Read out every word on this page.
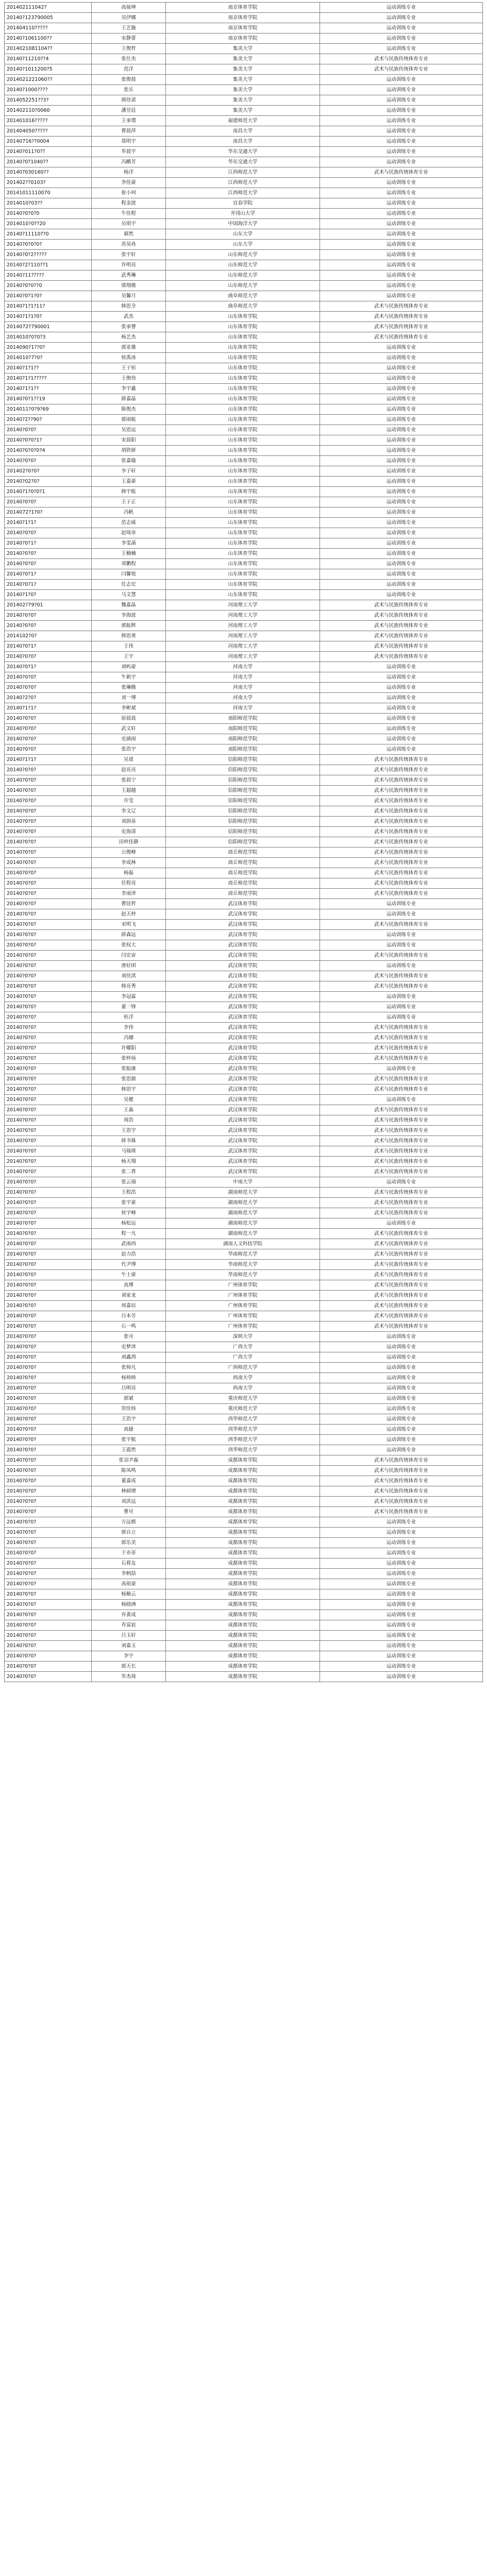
201402111042?	高展坤	南京体育学院	运动训练专业
20140?123790005	吴伊娜	南京体育学院	运动训练专业
201404110?????	王艺璇	南京体育学院	运动训练专业
20140?1061100??	宋静蕾	南京体育学院	运动训练专业
2014021081104??	王俊哲	集美大学	运动训练专业
20140?11210??4	张仕杰	集美大学	武术与民族传统体育专业
20140?1011200?5	范洋	集美大学	武术与民族传统体育专业
2014021221060??	张俊晨	集美大学	运动训练专业
20140?1000????	张乐	集美大学	运动训练专业
2014052251??3?	郭佳诺	集美大学	运动训练专业
201402110?0060	潘昱廷	集美大学	运动训练专业
201401016?????	王承璞	福建师范大学	运动训练专业
201404050?????	曹晨萍	南昌大学	运动训练专业
20140716??0004	郑明宇	南昌大学	运动训练专业
20140?011?0??	毕晨宇	华东交通大学	运动训练专业
20140?0?1040??	冯麒芳	华东交通大学	运动训练专业
20140?030160??	杨洋	江西师范大学	武术与民族传统体育专业
201402??0103?	李佳豪	江西师范大学	运动训练专业
20141011110070	崔小珂	江西师范大学	运动训练专业
2014010?03??	程金波	宜春学院	运动训练专业
20140?0?0?0	牛佳程	井冈山大学	运动训练专业
2014010?0??20	吴琪宇	中国海洋大学	运动训练专业
20140?11110??0	郝然	山东大学	运动训练专业
20140?0?0?0?	苏昊冉	山东大学	运动训练专业
20140?0?2?????	张宇轩	山东师范大学	运动训练专业
20140?2?110??1	许明亮	山东师范大学	运动训练专业
20140?11?????	武秀琳	山东师范大学	运动训练专业
20140?0?0??0	梁翔骏	山东师范大学	运动训练专业
20140?0?1?0?	吴馨月	曲阜师范大学	运动训练专业
20140?1?1?11?	韩思全	曲阜师范大学	武术与民族传统体育专业
20140?1?1?0?	武杰	山东体育学院	武术与民族传统体育专业
2014072?790001	张承謇	山东体育学院	武术与民族传统体育专业
2014010?0?0?3	杨艺杰	山东体育学院	武术与民族传统体育专业
2014090?1??0?	郭亚雄	山东体育学院	运动训练专业
2014010?7?0?	侯禹冰	山东体育学院	运动训练专业
20140?1?1??	王子恒	山东体育学院	运动训练专业
20140?1?1?????	王俊伟	山东体育学院	运动训练专业
20140?1?1??	李宇鑫	山东体育学院	运动训练专业
20140?0?1??19	薛嘉晶	山东体育学院	运动训练专业
2014011?0?9?69	陈俊杰	山东体育学院	运动训练专业
20140?2??90?	郭雨航	山东体育学院	运动训练专业
20140?0?0?	吴思远	山东体育学院	运动训练专业
20140?0?0?1?	宋晨阳	山东体育学院	运动训练专业
20140?0?0?0?4	胡欣妍	山东体育学院	运动训练专业
20140?0?0?	张嘉璇	山东体育学院	运动训练专业
201402?0?0?	李子轩	山东体育学院	运动训练专业
20140?02?0?	王嘉豪	山东体育学院	运动训练专业
20140?1?0?0?1	韩宇航	山东体育学院	运动训练专业
20140?0?0?	王子正	山东体育学院	运动训练专业
2014072?1?0?	冯帆	山东体育学院	运动训练专业
20140?1?1?	范志威	山东体育学院	运动训练专业
20140?0?0?	赵琰帝	山东体育学院	运动训练专业
20140?0?1?	李雯菡	山东体育学院	运动训练专业
20140?0?0?	王楠楠	山东体育学院	运动训练专业
20140?0?0?	邓鹏程	山东体育学院	运动训练专业
20140?0?1?	闫馨悦	山东体育学院	运动训练专业
20140?0?1?	任志宏	山东体育学院	运动训练专业
20140?1?0?	马文慧	山东体育学院	运动训练专业
201402?79?01	魏嘉晶	河南理工大学	武术与民族传统体育专业
20140?0?0?	李海波	河南理工大学	武术与民族传统体育专业
20140?0?0?	郭振辉	河南理工大学	武术与民族传统体育专业
2014102?0?	韩思勇	河南理工大学	武术与民族传统体育专业
20140?0?1?	王伟	河南理工大学	武术与民族传统体育专业
20140?0?0?	王宇	河南理工大学	武术与民族传统体育专业
20140?0?1?	刘屿豪	河南大学	运动训练专业
20140?0?0?	牛新宇	河南大学	运动训练专业
20140?0?0?	张琳腾	河南大学	运动训练专业
20140?2?0?	刘一博	河南大学	运动训练专业
20140?1?1?	李彬斌	河南大学	运动训练专业
20140?0?0?	原晨晨	南阳师范学院	运动训练专业
20140?0?0?	武文轩	南阳师范学院	运动训练专业
20140?0?0?	史涵雨	南阳师范学院	运动训练专业
20140?0?0?	张浩宇	南阳师范学院	运动训练专业
20140?1?1?	吴瑶	信阳师范学院	武术与民族传统体育专业
20140?0?0?	赵亮亮	信阳师范学院	武术与民族传统体育专业
20140?0?0?	张晨宁	信阳师范学院	武术与民族传统体育专业
20140?0?0?	王超越	信阳师范学院	武术与民族传统体育专业
20140?0?0?	许莹	信阳师范学院	武术与民族传统体育专业
20140?0?0?	李文辽	信阳师范学院	武术与民族传统体育专业
20140?0?0?	刘润泉	信阳师范学院	武术与民族传统体育专业
20140?0?0?	史海清	信阳师范学院	武术与民族传统体育专业
20140?0?0?	田梓佳静	信阳师范学院	武术与民族传统体育专业
20140?0?0?	公俊峰	商丘师范学院	武术与民族传统体育专业
20140?0?0?	李成林	商丘师范学院	武术与民族传统体育专业
20140?0?0?	杨磊	商丘师范学院	武术与民族传统体育专业
20140?0?0?	任程亮	商丘师范学院	武术与民族传统体育专业
20140?0?0?	李雨泽	商丘师范学院	武术与民族传统体育专业
20140?0?0?	曹昆哲	武汉体育学院	运动训练专业
20140?0?0?	赵天梓	武汉体育学院	运动训练专业
20140?0?0?	宋明飞	武汉体育学院	武术与民族传统体育专业
20140?0?0?	薛森远	武汉体育学院	运动训练专业
20140?0?0?	张权大	武汉体育学院	运动训练专业
20140?0?0?	闫宏宙	武汉体育学院	武术与民族传统体育专业
20140?0?0?	唐好团	武汉体育学院	运动训练专业
20140?0?0?	刘佳淇	武汉体育学院	武术与民族传统体育专业
20140?0?0?	韩亮秀	武汉体育学院	武术与民族传统体育专业
20140?0?0?	李冠霖	武汉体育学院	运动训练专业
20140?0?0?	董一锋	武汉体育学院	运动训练专业
20140?0?0?	杜洋	武汉体育学院	运动训练专业
20140?0?0?	李伟	武汉体育学院	武术与民族传统体育专业
20140?0?0?	冯娜	武汉体育学院	武术与民族传统体育专业
20140?0?0?	许耀阳	武汉体育学院	武术与民族传统体育专业
20140?0?0?	张梓扬	武汉体育学院	武术与民族传统体育专业
20140?0?0?	张振康	武汉体育学院	运动训练专业
20140?0?0?	张思源	武汉体育学院	武术与民族传统体育专业
20140?0?0?	韩思宇	武汉体育学院	武术与民族传统体育专业
20140?0?0?	吴健	武汉体育学院	运动训练专业
20140?0?0?	王淼	武汉体育学院	武术与民族传统体育专业
20140?0?0?	周浩	武汉体育学院	武术与民族传统体育专业
20140?0?0?	王思宇	武汉体育学院	武术与民族传统体育专业
20140?0?0?	薛书姝	武汉体育学院	武术与民族传统体育专业
20140?0?0?	马瑞琪	武汉体育学院	武术与民族传统体育专业
20140?0?0?	杨天翔	武汉体育学院	武术与民族传统体育专业
20140?0?0?	张二香	武汉体育学院	武术与民族传统体育专业
20140?0?0?	张云瑞	中南大学	运动训练专业
20140?0?0?	王程浩	湖南师范大学	武术与民族传统体育专业
20140?0?0?	张宇豪	湖南师范大学	武术与民族传统体育专业
20140?0?0?	侯宇峰	湖南师范大学	武术与民族传统体育专业
20140?0?0?	杨松远	湖南师范大学	运动训练专业
20140?0?0?	程一凡	湖南师范大学	武术与民族传统体育专业
20140?0?0?	武雨西	湖南人文科技学院	武术与民族传统体育专业
20140?0?0?	赵力浩	华南师范大学	武术与民族传统体育专业
20140?0?0?	代尹博	华南师范大学	武术与民族传统体育专业
20140?0?0?	牛士豪	华南师范大学	武术与民族传统体育专业
20140?0?0?	高博	广州体育学院	武术与民族传统体育专业
20140?0?0?	刘家龙	广州体育学院	武术与民族传统体育专业
20140?0?0?	周嘉辰	广州体育学院	武术与民族传统体育专业
20140?0?0?	吕本芳	广州体育学院	武术与民族传统体育专业
20140?0?0?	石一鸣	广州体育学院	武术与民族传统体育专业
20140?0?0?	张可	深圳大学	运动训练专业
20140?0?0?	史梦泽	广西大学	运动训练专业
20140?0?0?	刘鑫鸿	广西大学	运动训练专业
20140?0?0?	张帅凡	广西师范大学	运动训练专业
20140?0?0?	杨帅帅	西南大学	运动训练专业
20140?0?0?	吕明亮	西南大学	运动训练专业
20140?0?0?	郭斌	重庆师范大学	运动训练专业
20140?0?0?	贺佳炜	重庆师范大学	运动训练专业
20140?0?0?	王浩宇	西华师范大学	运动训练专业
20140?0?0?	高捷	西华师范大学	运动训练专业
20140?0?0?	张宇航	西华师范大学	运动训练专业
20140?0?0?	王霞然	西华师范大学	运动训练专业
20140?0?0?	张羽尹淼	成都体育学院	武术与民族传统体育专业
20140?0?0?	陈凤鸣	成都体育学院	武术与民族传统体育专业
20140?0?0?	董嘉成	成都体育学院	武术与民族传统体育专业
20140?0?0?	林炳增	成都体育学院	武术与民族传统体育专业
20140?0?0?	刘洪远	成都体育学院	武术与民族传统体育专业
20140?0?0?	曹可	成都体育学院	武术与民族传统体育专业
20140?0?0?	方远棋	成都体育学院	运动训练专业
20140?0?0?	郭自立	成都体育学院	运动训练专业
20140?0?0?	郭乐美	成都体育学院	运动训练专业
20140?0?0?	于亦菲	成都体育学院	运动训练专业
20140?0?0?	石将友	成都体育学院	运动训练专业
20140?0?0?	李柄喆	成都体育学院	运动训练专业
20140?0?0?	高祖豪	成都体育学院	运动训练专业
20140?0?0?	杨顺云	成都体育学院	运动训练专业
20140?0?0?	杨晓洲	成都体育学院	运动训练专业
20140?0?0?	乔黄成	成都体育学院	运动训练专业
20140?0?0?	乔富宸	成都体育学院	运动训练专业
20140?0?0?	吕玉轩	成都体育学院	运动训练专业
20140?0?0?	刘嘉玉	成都体育学院	运动训练专业
20140?0?0?	李宇	成都体育学院	运动训练专业
20140?0?0?	郭天长	成都体育学院	运动训练专业
20140?0?0?	毕杰琦	成都体育学院	运动训练专业
